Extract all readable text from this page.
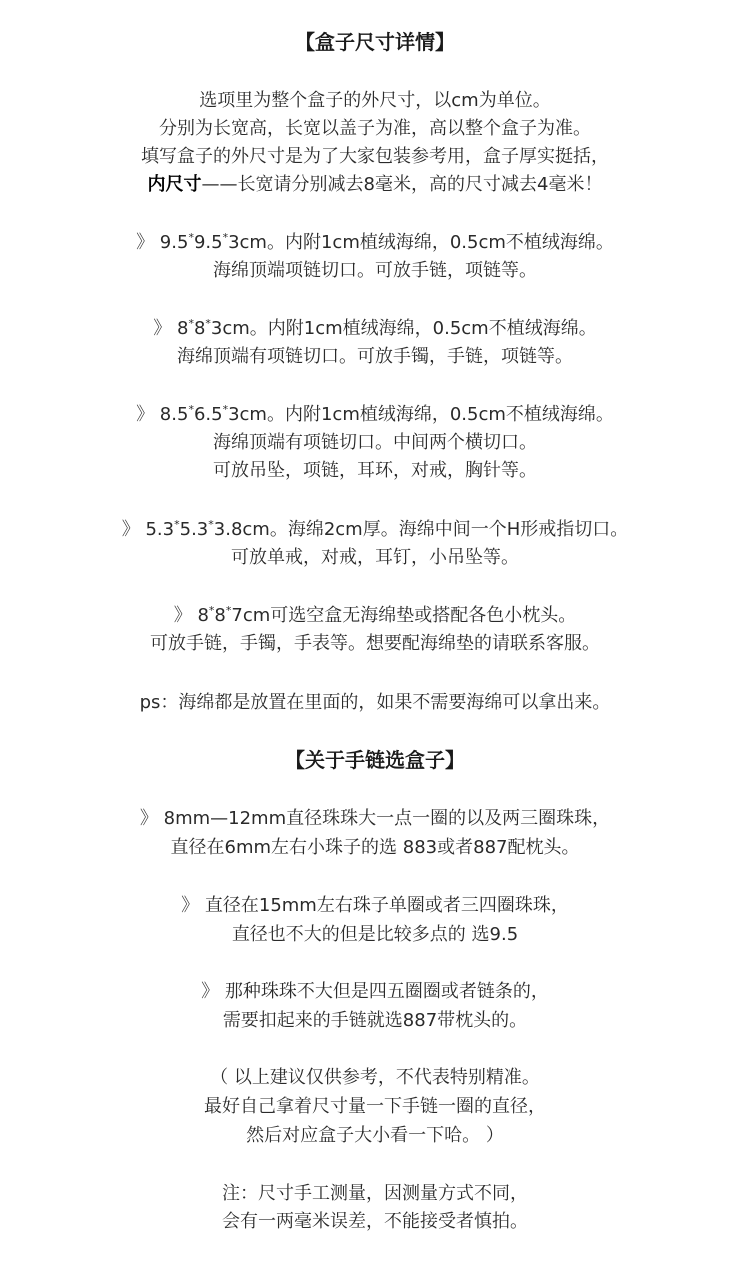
【盒子尺寸详情】
选项里为整个盒子的外尺寸，以cm为单位。
分别为长宽高，长宽以盖子为准，高以整个盒子为准。
填写盒子的外尺寸是为了大家包装参考用，盒子厚实挺括，
内尺寸——长宽请分别减去8毫米，高的尺寸减去4毫米！
》 9.5*9.5*3cm。内附1cm植绒海绵，0.5cm不植绒海绵。
海绵顶端项链切口。可放手链，项链等。
》 8*8*3cm。内附1cm植绒海绵，0.5cm不植绒海绵。
海绵顶端有项链切口。可放手镯，手链，项链等。
》 8.5*6.5*3cm。内附1cm植绒海绵，0.5cm不植绒海绵。
海绵顶端有项链切口。中间两个横切口。
可放吊坠，项链，耳环，对戒，胸针等。
》 5.3*5.3*3.8cm。海绵2cm厚。海绵中间一个H形戒指切口。
可放单戒，对戒，耳钉，小吊坠等。
》 8*8*7cm可选空盒无海绵垫或搭配各色小枕头。
可放手链，手镯，手表等。想要配海绵垫的请联系客服。
ps：海绵都是放置在里面的，如果不需要海绵可以拿出来。
【关于手链选盒子】
》 8mm—12mm直径珠珠大一点一圈的以及两三圈珠珠，
直径在6mm左右小珠子的选 883或者887配枕头。
》 直径在15mm左右珠子单圈或者三四圈珠珠，
直径也不大的但是比较多点的 选9.5
》 那种珠珠不大但是四五圈圈或者链条的，
需要扣起来的手链就选887带枕头的。
（ 以上建议仅供参考，不代表特别精准。
最好自己拿着尺寸量一下手链一圈的直径，
然后对应盒子大小看一下哈。 ）
注：尺寸手工测量，因测量方式不同，
会有一两毫米误差，不能接受者慎拍。
